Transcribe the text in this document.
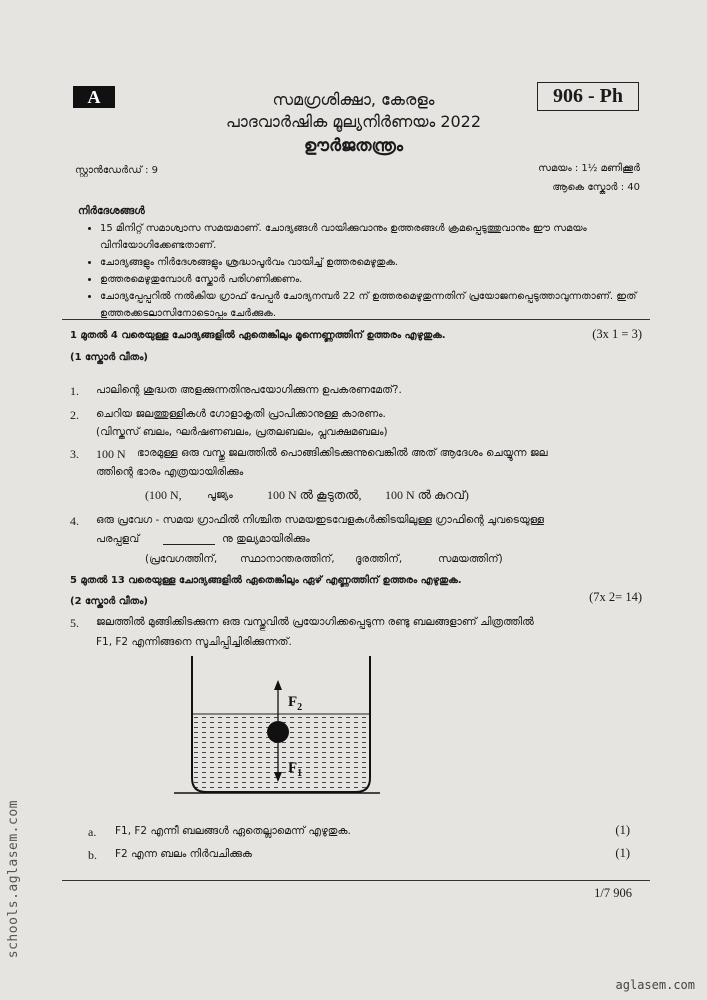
A	906 - Ph
സമഗ്രശിക്ഷാ, കേരളം
പാദവാർഷിക മൂല്യനിർണയം 2022
ഊർജതന്ത്രം
സ്റ്റാൻഡേർഡ് : 9	സമയം : 1½ മണിക്കൂർ
ആകെ സ്കോർ : 40
നിർദേശങ്ങൾ
• 15 മിനിറ്റ് സമാശ്വാസ സമയമാണ്. ചോദ്യങ്ങൾ വായിക്കുവാനും ഉത്തരങ്ങൾ ക്രമപ്പെടുത്തുവാനും ഈ സമയം വിനിയോഗിക്കേണ്ടതാണ്.
• ചോദ്യങ്ങളും നിർദേശങ്ങളും ശ്രദ്ധാപൂർവം വായിച്ച് ഉത്തരമെഴുതുക.
• ഉത്തരമെഴുതുമ്പോൾ സ്കോർ പരിഗണിക്കണം.
• ചോദ്യപ്പേപ്പറിൽ നൽകിയ ഗ്രാഫ് പേപ്പർ ചോദ്യനമ്പർ 22 ന് ഉത്തരമെഴുതുന്നതിന് പ്രയോജനപ്പെടുത്താവുന്നതാണ്. ഇത് ഉത്തരക്കടലാസിനോടൊപ്പം ചേർക്കുക.
1 മുതൽ 4 വരെയുള്ള ചോദ്യങ്ങളിൽ ഏതെങ്കിലും മൂന്നെണ്ണത്തിന് ഉത്തരം എഴുതുക.	(3x 1 = 3)
(1 സ്കോർ വീതം)
1. പാലിന്റെ ശുദ്ധത അളക്കുന്നതിനുപയോഗിക്കുന്ന ഉപകരണമേത്?.
2. ചെറിയ ജലത്തുള്ളികൾ ഗോളാകൃതി പ്രാപിക്കാനുള്ള കാരണം.
(വിസ്കസ് ബലം, ഘർഷണബലം, പ്രതലബലം, പ്ലവക്ഷമബലം)
3. 100 N ഭാരമുള്ള ഒരു വസ്തു ജലത്തിൽ പൊങ്ങിക്കിടക്കുന്നുവെങ്കിൽ അത് ആദേശം ചെയ്യുന്ന ജല
ത്തിന്റെ ഭാരം എത്രയായിരിക്കും
(100 N, പൂജ്യം	100 N ൽ കൂടുതൽ, 100 N ൽ കുറവ്)
4. ഒരു പ്രവേഗ - സമയ ഗ്രാഫിൽ നിശ്ചിത സമയഇടവേളകൾക്കിടയിലുള്ള ഗ്രാഫിന്റെ ചുവടെയുള്ള
പരപ്പളവ്	നു തുല്യമായിരിക്കും
(പ്രവേഗത്തിന്, സ്ഥാനാന്തരത്തിന്, ദൂരത്തിന്,	സമയത്തിന്)
5 മുതൽ 13 വരെയുള്ള ചോദ്യങ്ങളിൽ ഏതെങ്കിലും ഏഴ് എണ്ണത്തിന് ഉത്തരം എഴുതുക.
(7x 2= 14)
(2 സ്കോർ വീതം)
5. ജലത്തിൽ മുങ്ങിക്കിടക്കുന്ന ഒരു വസ്തുവിൽ പ്രയോഗിക്കപ്പെടുന്ന രണ്ടു ബലങ്ങളാണ് ചിത്രത്തിൽ
F1, F2 എന്നിങ്ങനെ സൂചിപ്പിച്ചിരിക്കുന്നത്.
$F_2$
$F_1$
a. F1, F2 എന്നീ ബലങ്ങൾ ഏതെല്ലാമെന്ന് എഴുതുക.	(1)
b. F2 എന്ന ബലം നിർവചിക്കുക	(1)
1/7 906
schools.aglasem.com
aglasem.com
